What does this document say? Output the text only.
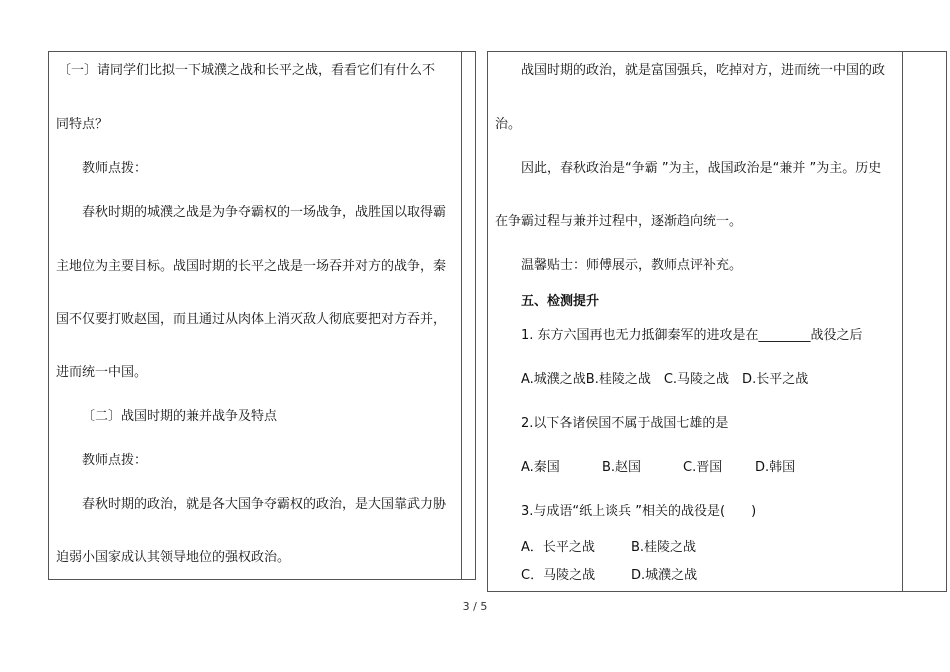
〔一〕请同学们比拟一下城濮之战和长平之战，看看它们有什么不
同特点？
教师点拨：
春秋时期的城濮之战是为争夺霸权的一场战争，战胜国以取得霸
主地位为主要目标。战国时期的长平之战是一场吞并对方的战争，秦
国不仅要打败赵国，而且通过从肉体上消灭敌人彻底要把对方吞并，
进而统一中国。
〔二〕战国时期的兼并战争及特点
教师点拨：
春秋时期的政治，就是各大国争夺霸权的政治，是大国靠武力胁
迫弱小国家成认其领导地位的强权政治。
战国时期的政治，就是富国强兵，吃掉对方，进而统一中国的政
治。
因此，春秋政治是“争霸 ”为主，战国政治是“兼并 ”为主。历史
在争霸过程与兼并过程中，逐渐趋向统一。
温馨贴士：师傅展示，教师点评补充。
五、检测提升
1. 东方六国再也无力抵御秦军的进攻是在________战役之后
A.城濮之战B.桂陵之战　C.马陵之战　D.长平之战
2.以下各诸侯国不属于战国七雄的是
A.秦国	B.赵国	C.晋国	D.韩国
3.与成语“纸上谈兵 ”相关的战役是(　　)
A．长平之战	B.桂陵之战
C．马陵之战	D.城濮之战
3 / 5
